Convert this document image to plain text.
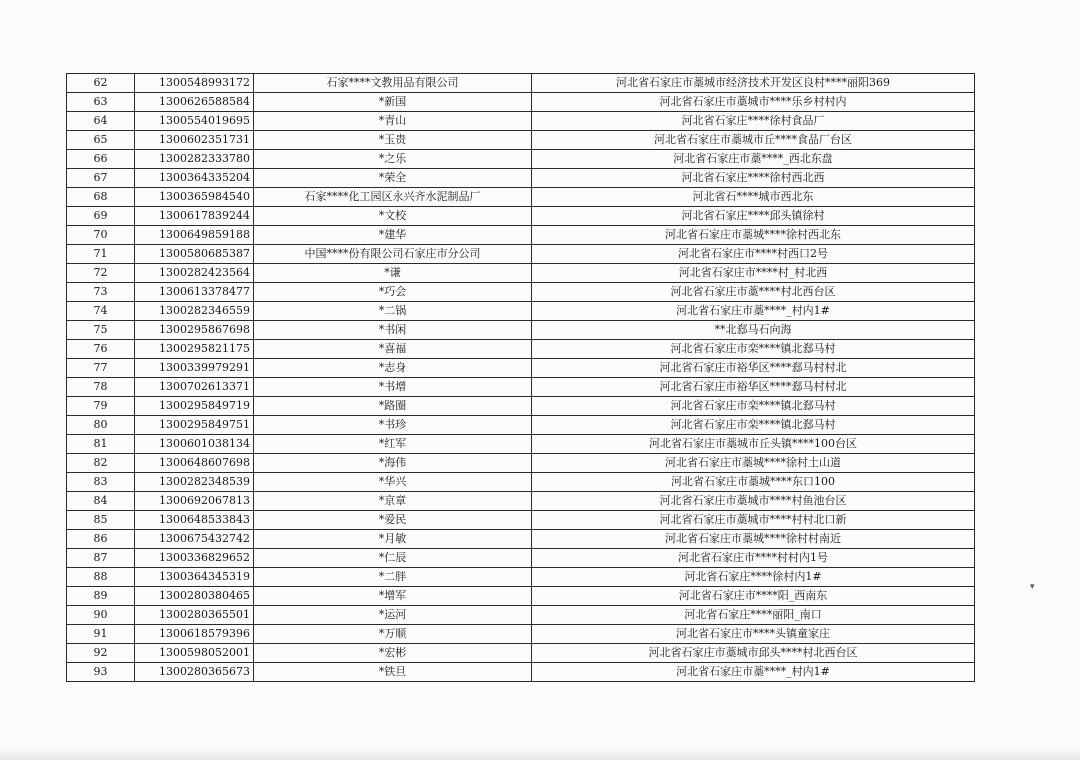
62	1300548993172	石家****文教用品有限公司	河北省石家庄市藁城市经济技术开发区良村****丽阳369
63	1300626588584	*新国	河北省石家庄市藁城市****乐乡村村内
64	1300554019695	*青山	河北省石家庄****徐村食品厂
65	1300602351731	*玉贵	河北省石家庄市藁城市丘****食品厂台区
66	1300282333780	*之乐	河北省石家庄市藁****_西北东盘
67	1300364335204	*荣全	河北省石家庄****徐村西北西
68	1300365984540	石家****化工园区永兴齐水泥制品厂	河北省石****城市西北东
69	1300617839244	*文校	河北省石家庄****邱头镇徐村
70	1300649859188	*建华	河北省石家庄市藁城****徐村西北东
71	1300580685387	中国****份有限公司石家庄市分公司	河北省石家庄市****村西口2号
72	1300282423564	*谦	河北省石家庄市****村_村北西
73	1300613378477	*巧会	河北省石家庄市藁****村北西台区
74	1300282346559	*二锅	河北省石家庄市藁****_村内1#
75	1300295867698	*书闲	**北郄马石向海
76	1300295821175	*喜福	河北省石家庄市栾****镇北郄马村
77	1300339979291	*志身	河北省石家庄市裕华区****郄马村村北
78	1300702613371	*书增	河北省石家庄市裕华区****郄马村村北
79	1300295849719	*路圈	河北省石家庄市栾****镇北郄马村
80	1300295849751	*书珍	河北省石家庄市栾****镇北郄马村
81	1300601038134	*红军	河北省石家庄市藁城市丘头镇****100台区
82	1300648607698	*海伟	河北省石家庄市藁城****徐村土山道
83	1300282348539	*华兴	河北省石家庄市藁城****东口100
84	1300692067813	*京章	河北省石家庄市藁城市****村鱼池台区
85	1300648533843	*爱民	河北省石家庄市藁城市****村村北口新
86	1300675432742	*月敏	河北省石家庄市藁城****徐村村南近
87	1300336829652	*仁辰	河北省石家庄市****村村内1号
88	1300364345319	*二胖	河北省石家庄****徐村内1#
89	1300280380465	*增军	河北省石家庄市****阳_西南东
90	1300280365501	*运河	河北省石家庄****丽阳_南口
91	1300618579396	*万顺	河北省石家庄市****头镇童家庄
92	1300598052001	*宏彬	河北省石家庄市藁城市邱头****村北西台区
93	1300280365673	*铁旦	河北省石家庄市藁****_村内1#
▾
